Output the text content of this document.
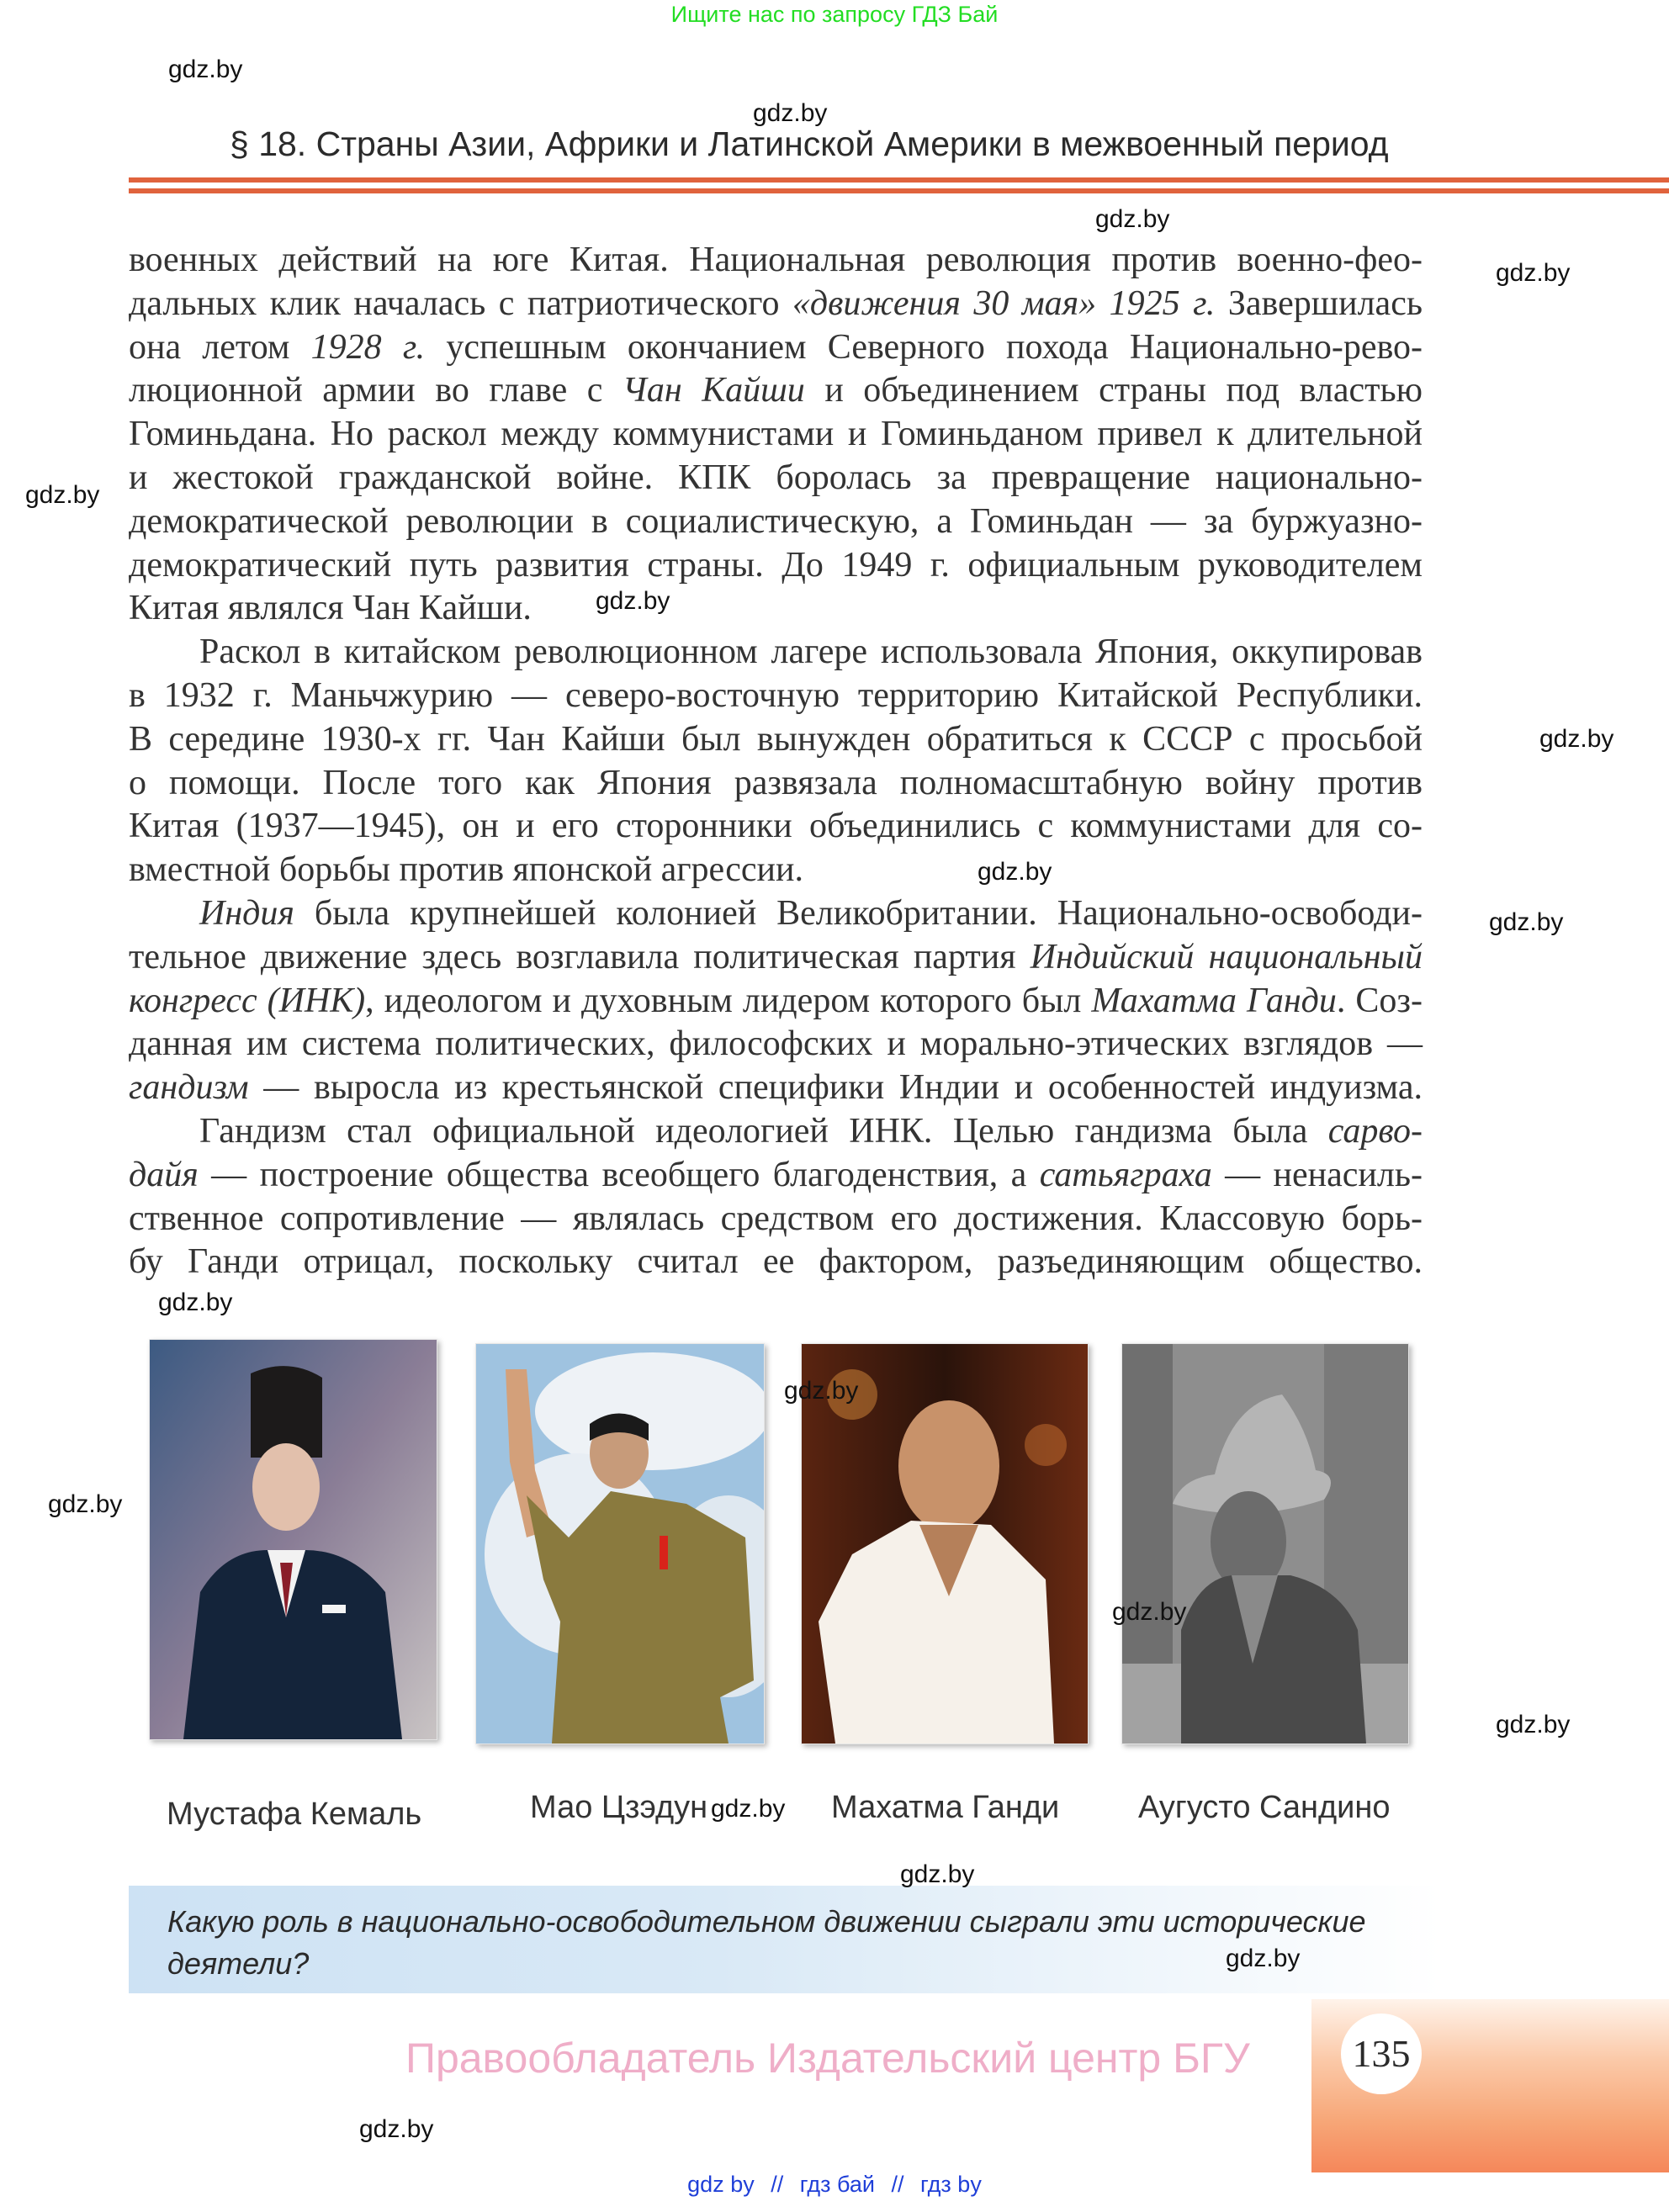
Ищите нас по запросу ГДЗ Бай
§ 18. Страны Азии, Африки и Латинской Америки в межвоенный период
военных действий на юге Китая. Национальная революция против военно-фео-
дальных клик началась с патриотического «движения 30 мая» 1925 г. Завершилась
она летом 1928 г. успешным окончанием Северного похода Национально-рево-
люционной армии во главе с Чан Кайши и объединением страны под властью
Гоминьдана. Но раскол между коммунистами и Гоминьданом привел к длительной
и жестокой гражданской войне. КПК боролась за превращение национально-
демократической революции в социалистическую, а Гоминьдан — за буржуазно-
демократический путь развития страны. До 1949 г. официальным руководителем
Китая являлся Чан Кайши.
Раскол в китайском революционном лагере использовала Япония, оккупировав
в 1932 г. Маньчжурию — северо-восточную территорию Китайской Республики.
В середине 1930-х гг. Чан Кайши был вынужден обратиться к СССР с просьбой
о помощи. После того как Япония развязала полномасштабную войну против
Китая (1937—1945), он и его сторонники объединились с коммунистами для со-
вместной борьбы против японской агрессии.
Индия была крупнейшей колонией Великобритании. Национально-освободи-
тельное движение здесь возглавила политическая партия Индийский национальный
конгресс (ИНК), идеологом и духовным лидером которого был Махатма Ганди. Соз-
данная им система политических, философских и морально-этических взглядов —
гандизм — выросла из крестьянской специфики Индии и особенностей индуизма.
Гандизм стал официальной идеологией ИНК. Целью гандизма была сарво-
дайя — построение общества всеобщего благоденствия, а сатьяграха — ненасиль-
ственное сопротивление — являлась средством его достижения. Классовую борь-
бу Ганди отрицал, поскольку считал ее фактором, разъединяющим общество.
Мустафа Кемаль	Мао Цзэдун	Махатма Ганди Аугусто Сандино
Какую роль в национально-освободительном движении сыграли эти исторические деятели?
Правообладатель Издательский центр БГУ	135
gdz.by
gdz.by
gdz.by
gdz.by
gdz.by
gdz.by
gdz.by
gdz.by
gdz.by
gdz.by
gdz.by
gdz.by
gdz.by
gdz.by
gdz.by
gdz.by
gdz.by
gdz.by
gdz by // гдз бай // гдз by
